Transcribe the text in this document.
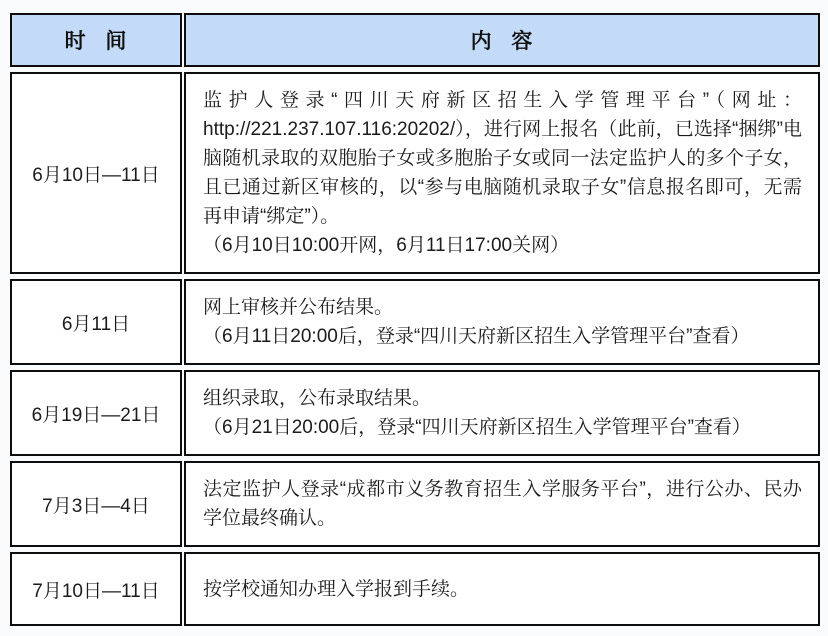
时 间	内 容
6月10日—11日	监护人登录“四川天府新区招生入学管理平台”（网址：http://221.237.107.116:20202/），进行网上报名（此前，已选择“捆绑”电脑随机录取的双胞胎子女或多胞胎子女或同一法定监护人的多个子女，且已通过新区审核的，以“参与电脑随机录取子女”信息报名即可，无需再申请“绑定”）。

（6月10日10:00开网，6月11日17:00关网）

6月11日	网上审核并公布结果。

（6月11日20:00后，登录“四川天府新区招生入学管理平台”查看）

6月19日—21日	组织录取，公布录取结果。

（6月21日20:00后，登录“四川天府新区招生入学管理平台”查看）

7月3日—4日	法定监护人登录“成都市义务教育招生入学服务平台”，进行公办、民办学位最终确认。

7月10日—11日	按学校通知办理入学报到手续。
